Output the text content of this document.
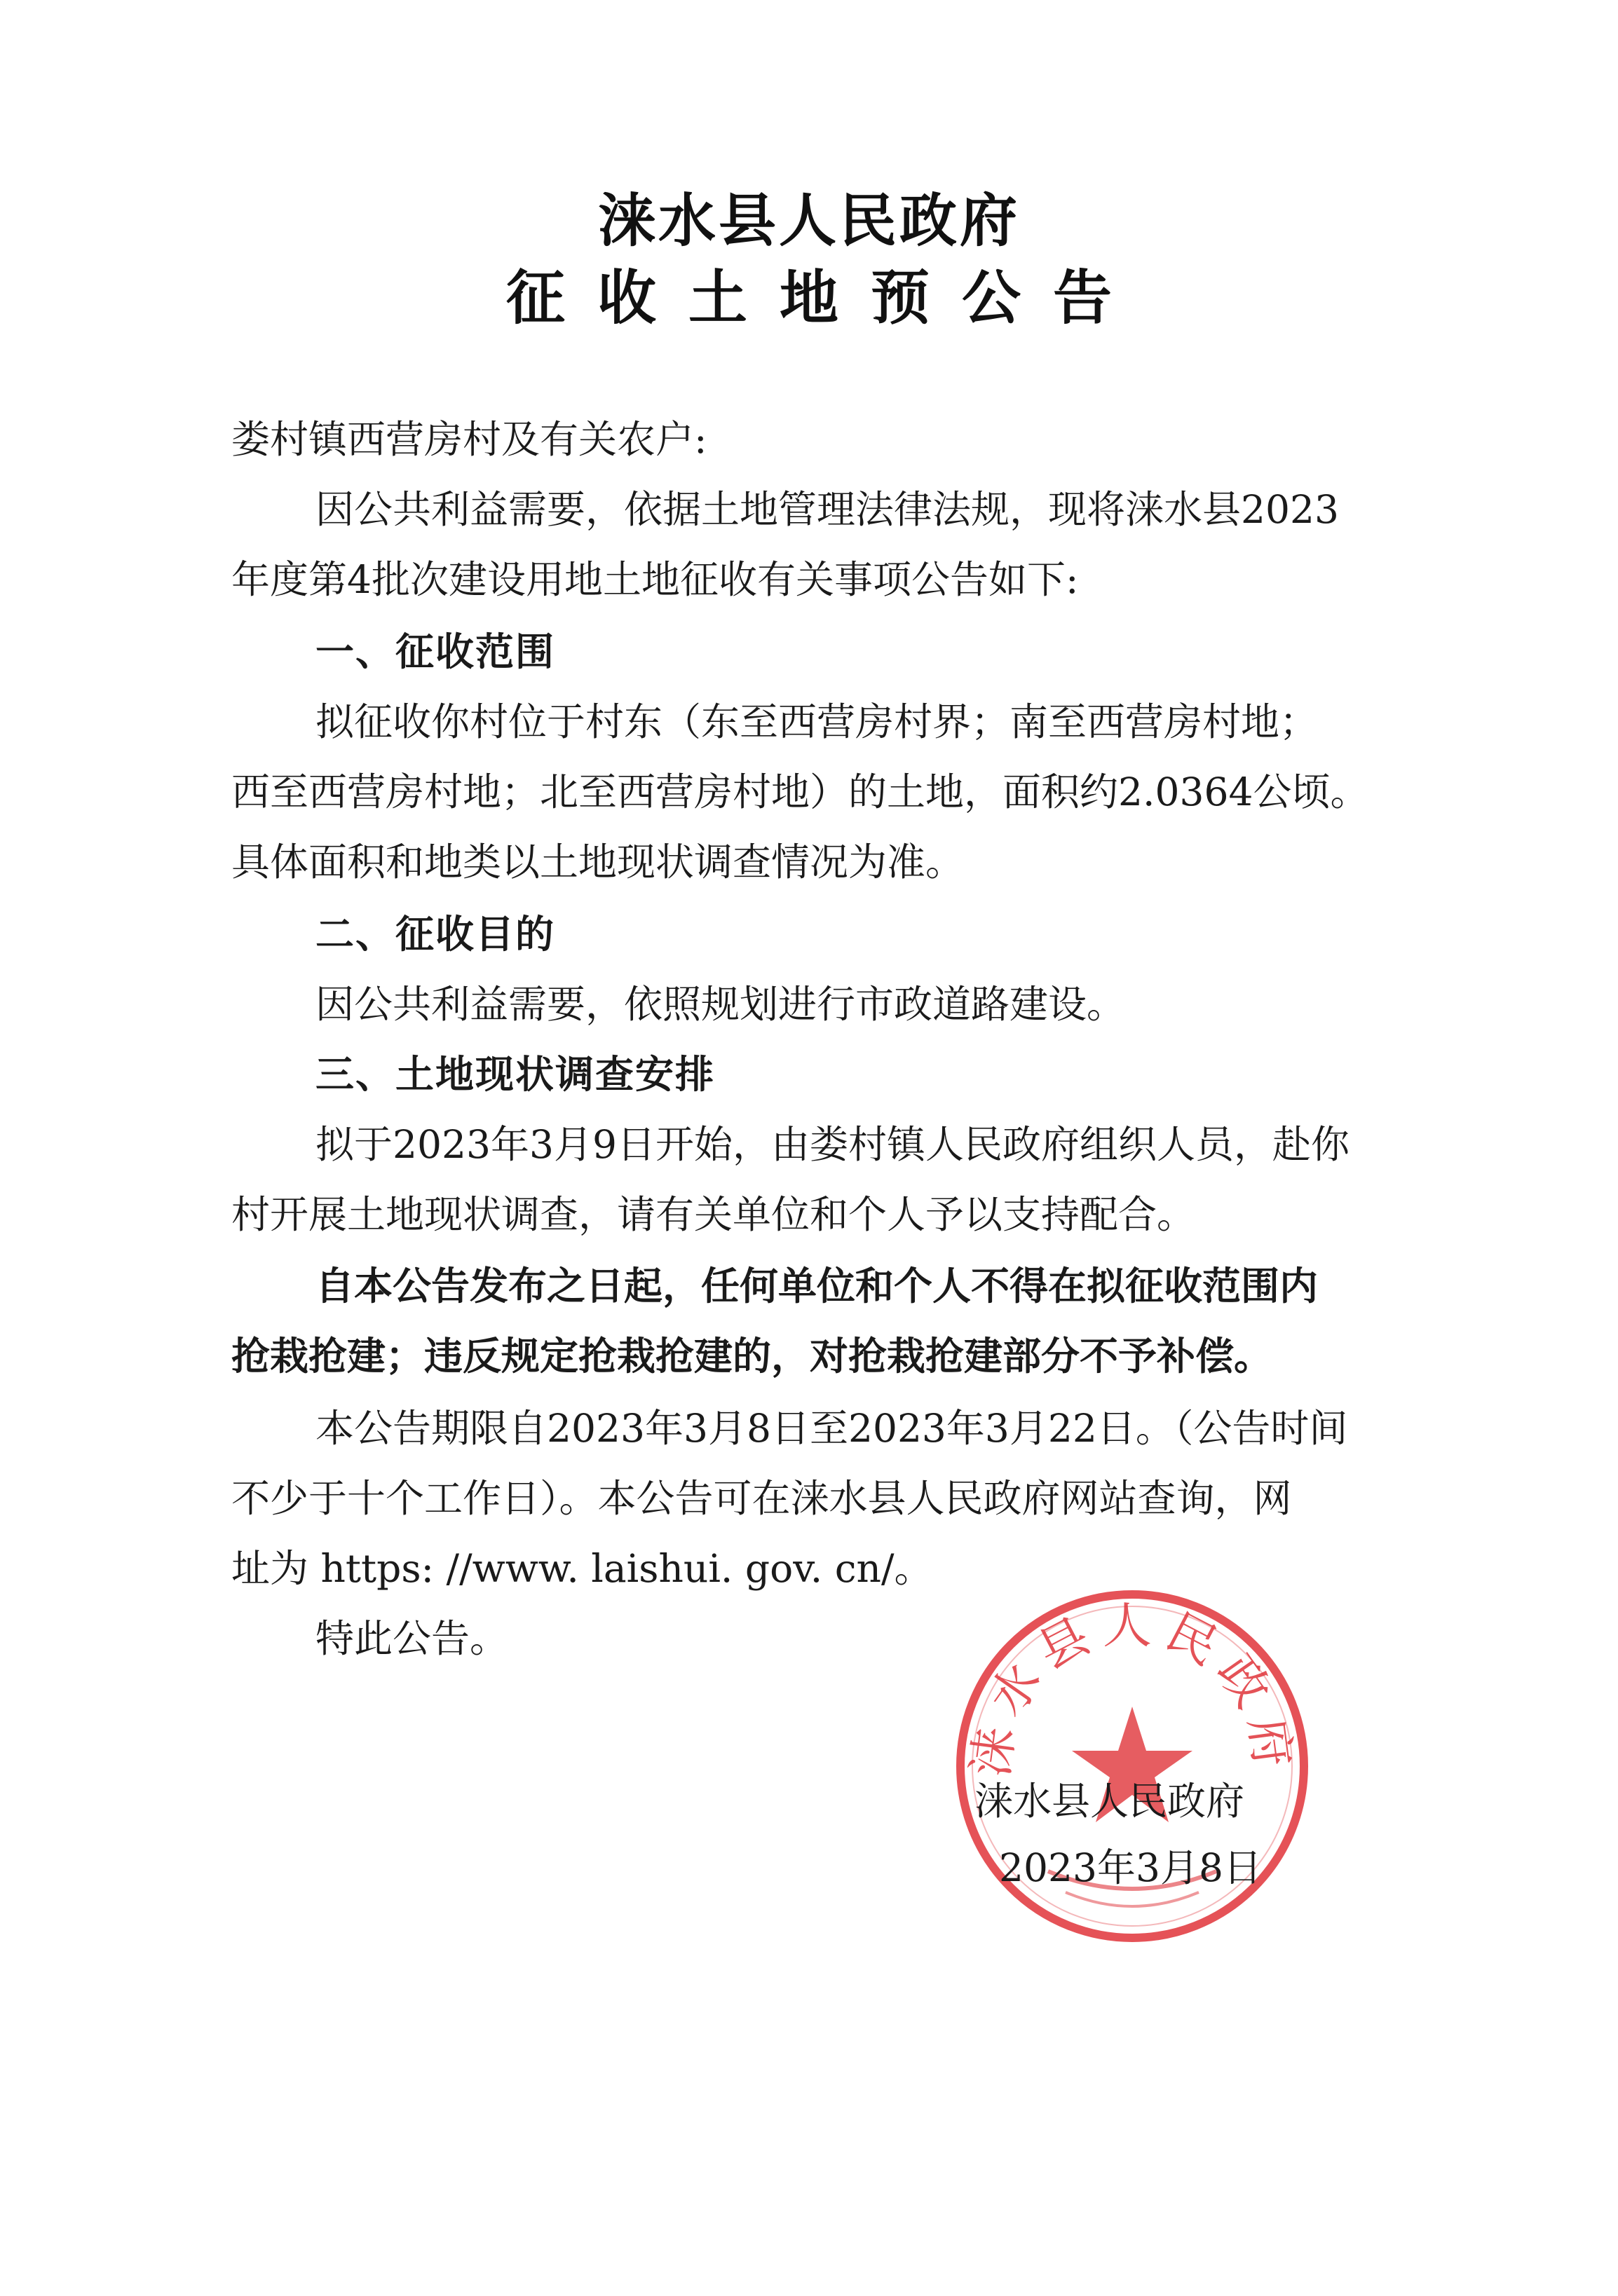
涞水县人民政府
征收土地预公告

娄村镇西营房村及有关农户:

因公共利益需要，依据土地管理法律法规，现将涞水县2023

年度第4批次建设用地土地征收有关事项公告如下:

一、征收范围

拟征收你村位于村东（东至西营房村界；南至西营房村地；

西至西营房村地；北至西营房村地）的土地，面积约2.0364公顷。

具体面积和地类以土地现状调查情况为准。

二、征收目的

因公共利益需要，依照规划进行市政道路建设。

三、土地现状调查安排

拟于2023年3月9日开始，由娄村镇人民政府组织人员，赴你

村开展土地现状调查，请有关单位和个人予以支持配合。

自本公告发布之日起，任何单位和个人不得在拟征收范围内

抢栽抢建；违反规定抢栽抢建的，对抢栽抢建部分不予补偿。

本公告期限自2023年3月8日至2023年3月22日。（公告时间

不少于十个工作日）。本公告可在涞水县人民政府网站查询，网

址为 https: //www. laishui. gov. cn/。

特此公告。

涞水县人民政府

涞水县人民政府

2023年3月8日
